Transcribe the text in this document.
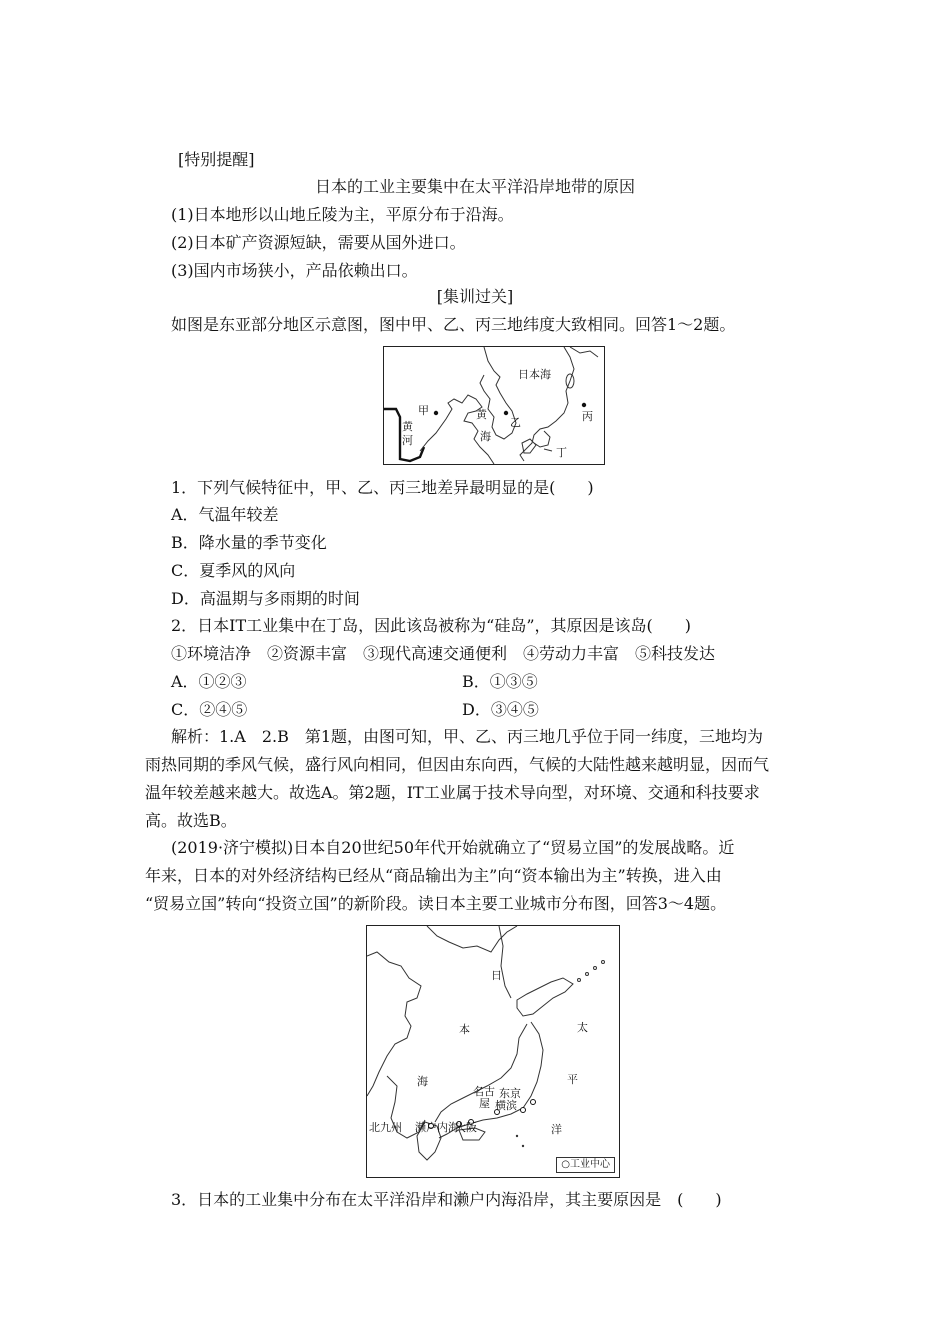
[特别提醒]
日本的工业主要集中在太平洋沿岸地带的原因
(1)日本地形以山地丘陵为主，平原分布于沿海。
(2)日本矿产资源短缺，需要从国外进口。
(3)国内市场狭小，产品依赖出口。
[集训过关]
如图是东亚部分地区示意图，图中甲、乙、丙三地纬度大致相同。回答1～2题。
日本海
甲
黄
河
黄
海
乙	丙
丁
1．下列气候特征中，甲、乙、丙三地差异最明显的是(　　)
A．气温年较差
B．降水量的季节变化
C．夏季风的风向
D．高温期与多雨期的时间
2．日本IT工业集中在丁岛，因此该岛被称为“硅岛”，其原因是该岛(　　)
①环境洁净　②资源丰富　③现代高速交通便利　④劳动力丰富　⑤科技发达
A．①②③	B．①③⑤
C．②④⑤	D．③④⑤
解析：1.A　2.B　第1题，由图可知，甲、乙、丙三地几乎位于同一纬度，三地均为
雨热同期的季风气候，盛行风向相同，但因由东向西，气候的大陆性越来越明显，因而气
温年较差越来越大。故选A。第2题，IT工业属于技术导向型，对环境、交通和科技要求
高。故选B。
(2019·济宁模拟)日本自20世纪50年代开始就确立了“贸易立国”的发展战略。近
年来，日本的对外经济结构已经从“商品输出为主”向“资本输出为主”转换，进入由
“贸易立国”转向“投资立国”的新阶段。读日本主要工业城市分布图，回答3～4题。
日
本
海
太
平
洋
名古
屋
东京
横滨
北九州 濑户内海
大阪
○工业中心
3．日本的工业集中分布在太平洋沿岸和濑户内海沿岸，其主要原因是　(　　)
